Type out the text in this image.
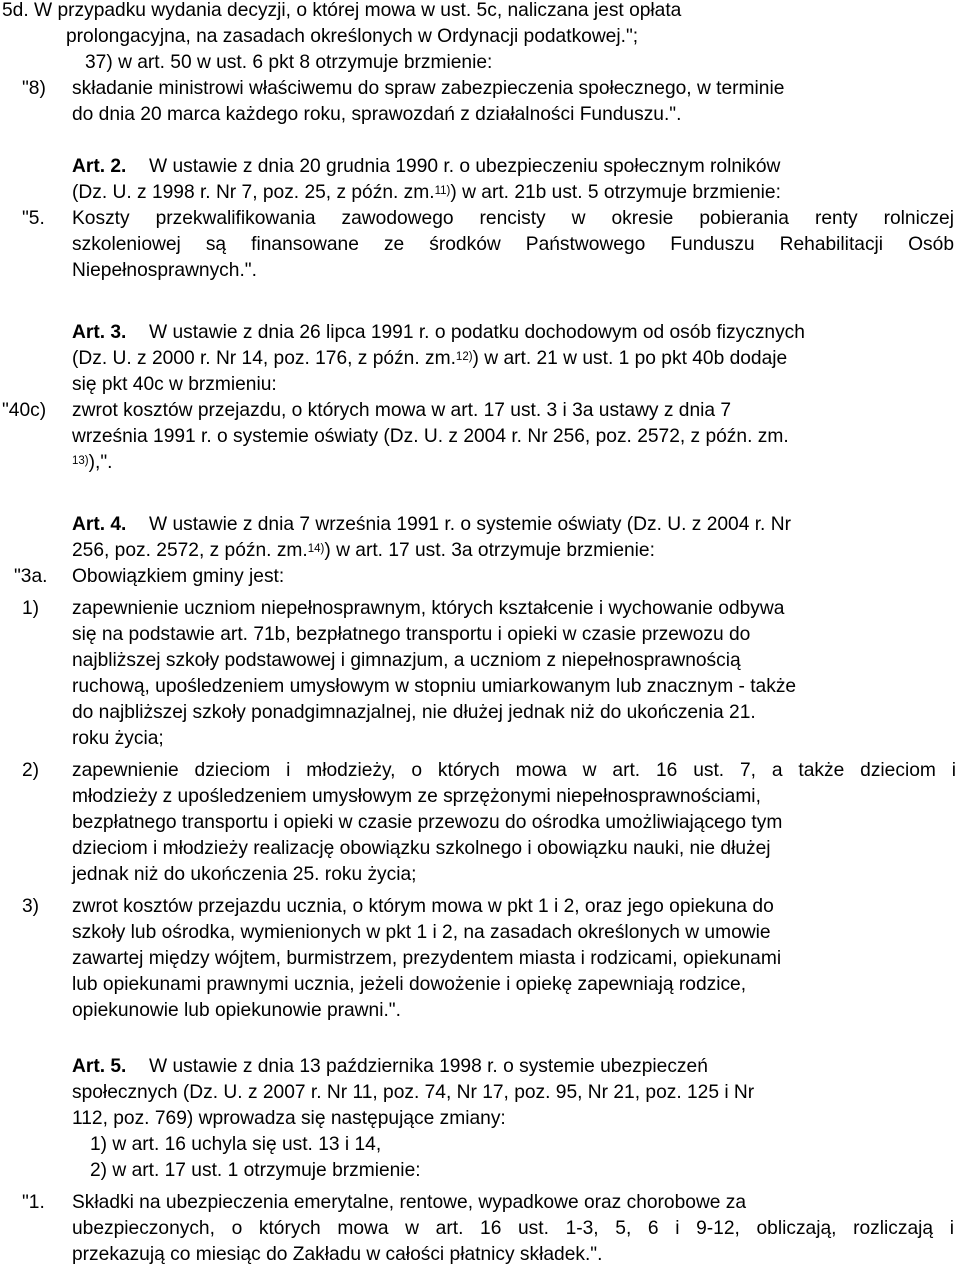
5d. W przypadku wydania decyzji, o której mowa w ust. 5c, naliczana jest opłata
prolongacyjna, na zasadach określonych w Ordynacji podatkowej.";
37) w art. 50 w ust. 6 pkt 8 otrzymuje brzmienie:
"8) składanie ministrowi właściwemu do spraw zabezpieczenia społecznego, w terminie
do dnia 20 marca każdego roku, sprawozdań z działalności Funduszu.".
Art. 2. W ustawie z dnia 20 grudnia 1990 r. o ubezpieczeniu społecznym rolników
(Dz. U. z 1998 r. Nr 7, poz. 25, z późn. zm.$^{11)}$) w art. 21b ust. 5 otrzymuje brzmienie:
"5. Koszty przekwalifikowania zawodowego rencisty w okresie pobierania renty rolniczej
szkoleniowej są finansowane ze środków Państwowego Funduszu Rehabilitacji Osób
Niepełnosprawnych.".
Art. 3. W ustawie z dnia 26 lipca 1991 r. o podatku dochodowym od osób fizycznych
(Dz. U. z 2000 r. Nr 14, poz. 176, z późn. zm.$^{12)}$) w art. 21 w ust. 1 po pkt 40b dodaje
się pkt 40c w brzmieniu:
"40c) zwrot kosztów przejazdu, o których mowa w art. 17 ust. 3 i 3a ustawy z dnia 7
września 1991 r. o systemie oświaty (Dz. U. z 2004 r. Nr 256, poz. 2572, z późn. zm.
$^{13)}$),".
Art. 4. W ustawie z dnia 7 września 1991 r. o systemie oświaty (Dz. U. z 2004 r. Nr
256, poz. 2572, z późn. zm.$^{14)}$) w art. 17 ust. 3a otrzymuje brzmienie:
"3a. Obowiązkiem gminy jest:
1) zapewnienie uczniom niepełnosprawnym, których kształcenie i wychowanie odbywa
się na podstawie art. 71b, bezpłatnego transportu i opieki w czasie przewozu do
najbliższej szkoły podstawowej i gimnazjum, a uczniom z niepełnosprawnością
ruchową, upośledzeniem umysłowym w stopniu umiarkowanym lub znacznym - także
do najbliższej szkoły ponadgimnazjalnej, nie dłużej jednak niż do ukończenia 21.
roku życia;
2) zapewnienie dzieciom i młodzieży, o których mowa w art. 16 ust. 7, a także dzieciom i
młodzieży z upośledzeniem umysłowym ze sprzężonymi niepełnosprawnościami,
bezpłatnego transportu i opieki w czasie przewozu do ośrodka umożliwiającego tym
dzieciom i młodzieży realizację obowiązku szkolnego i obowiązku nauki, nie dłużej
jednak niż do ukończenia 25. roku życia;
3) zwrot kosztów przejazdu ucznia, o którym mowa w pkt 1 i 2, oraz jego opiekuna do
szkoły lub ośrodka, wymienionych w pkt 1 i 2, na zasadach określonych w umowie
zawartej między wójtem, burmistrzem, prezydentem miasta i rodzicami, opiekunami
lub opiekunami prawnymi ucznia, jeżeli dowożenie i opiekę zapewniają rodzice,
opiekunowie lub opiekunowie prawni.".
Art. 5. W ustawie z dnia 13 października 1998 r. o systemie ubezpieczeń
społecznych (Dz. U. z 2007 r. Nr 11, poz. 74, Nr 17, poz. 95, Nr 21, poz. 125 i Nr
112, poz. 769) wprowadza się następujące zmiany:
1) w art. 16 uchyla się ust. 13 i 14,
2) w art. 17 ust. 1 otrzymuje brzmienie:
"1. Składki na ubezpieczenia emerytalne, rentowe, wypadkowe oraz chorobowe za
ubezpieczonych, o których mowa w art. 16 ust. 1-3, 5, 6 i 9-12, obliczają, rozliczają i
przekazują co miesiąc do Zakładu w całości płatnicy składek.".
